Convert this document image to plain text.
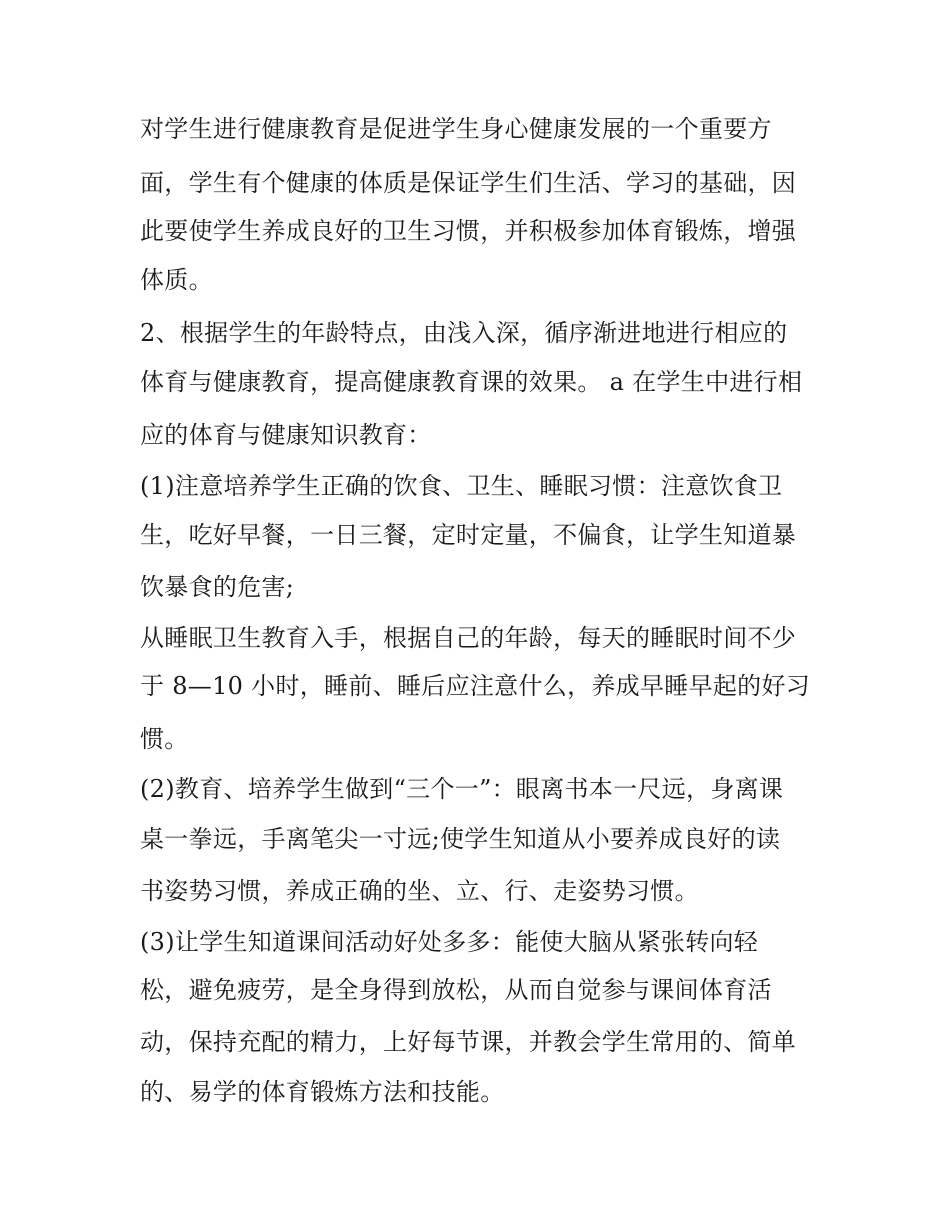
对学生进行健康教育是促进学生身心健康发展的一个重要方
面，学生有个健康的体质是保证学生们生活、学习的基础，因
此要使学生养成良好的卫生习惯，并积极参加体育锻炼，增强
体质。
2、根据学生的年龄特点，由浅入深，循序渐进地进行相应的
体育与健康教育，提高健康教育课的效果。 a 在学生中进行相
应的体育与健康知识教育：
(1)注意培养学生正确的饮食、卫生、睡眠习惯：注意饮食卫
生，吃好早餐，一日三餐，定时定量，不偏食，让学生知道暴
饮暴食的危害;
从睡眠卫生教育入手，根据自己的年龄，每天的睡眠时间不少
于 8—10 小时，睡前、睡后应注意什么，养成早睡早起的好习
惯。
(2)教育、培养学生做到“三个一”：眼离书本一尺远，身离课
桌一拳远，手离笔尖一寸远;使学生知道从小要养成良好的读
书姿势习惯，养成正确的坐、立、行、走姿势习惯。
(3)让学生知道课间活动好处多多：能使大脑从紧张转向轻
松，避免疲劳，是全身得到放松，从而自觉参与课间体育活
动，保持充配的精力，上好每节课，并教会学生常用的、简单
的、易学的体育锻炼方法和技能。
